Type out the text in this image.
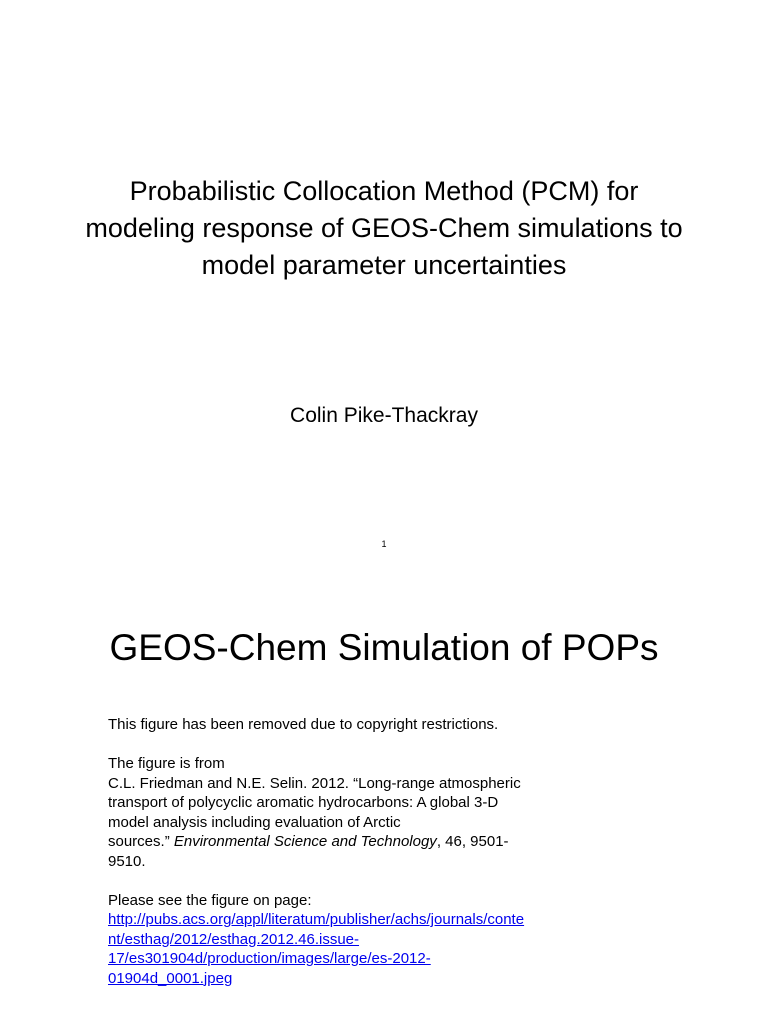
Probabilistic Collocation Method (PCM) for
modeling response of GEOS-Chem simulations to
model parameter uncertainties
Colin Pike-Thackray
1
GEOS-Chem Simulation of POPs

This figure has been removed due to copyright restrictions.

The figure is from

C.L. Friedman and N.E. Selin. 2012. “Long-range atmospheric
transport of polycyclic aromatic hydrocarbons: A global 3-D
model analysis including evaluation of Arctic
sources.” Environmental Science and Technology, 46, 9501-
9510.

Please see the figure on page:

http://pubs.acs.org/appl/literatum/publisher/achs/journals/conte
nt/esthag/2012/esthag.2012.46.issue-
17/es301904d/production/images/large/es-2012-
01904d_0001.jpeg
